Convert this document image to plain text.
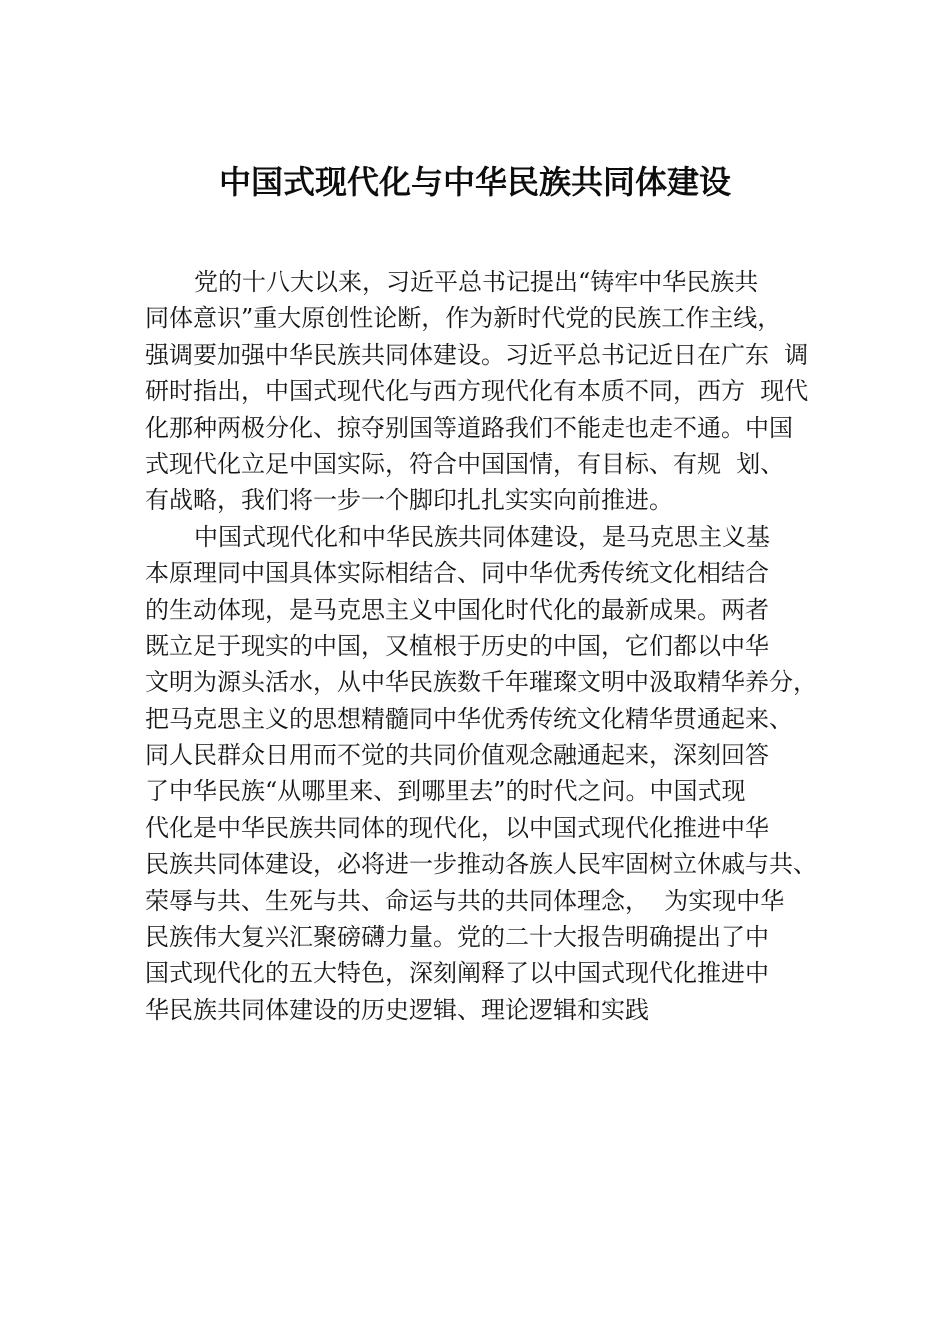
中国式现代化与中华民族共同体建设
党的十八大以来，习近平总书记提出“铸牢中华民族共
同体意识”重大原创性论断，作为新时代党的民族工作主线，
强调要加强中华民族共同体建设。习近平总书记近日在广东  调
研时指出，中国式现代化与西方现代化有本质不同，西方  现代
化那种两极分化、掠夺别国等道路我们不能走也走不通。中国
式现代化立足中国实际，符合中国国情，有目标、有规  划、
有战略，我们将一步一个脚印扎扎实实向前推进。
中国式现代化和中华民族共同体建设，是马克思主义基
本原理同中国具体实际相结合、同中华优秀传统文化相结合
的生动体现，是马克思主义中国化时代化的最新成果。两者
既立足于现实的中国，又植根于历史的中国，它们都以中华
文明为源头活水，从中华民族数千年璀璨文明中汲取精华养分，
把马克思主义的思想精髓同中华优秀传统文化精华贯通起来、
同人民群众日用而不觉的共同价值观念融通起来，深刻回答
了中华民族“从哪里来、到哪里去”的时代之问。中国式现
代化是中华民族共同体的现代化，以中国式现代化推进中华
民族共同体建设，必将进一步推动各族人民牢固树立休戚与共、
荣辱与共、生死与共、命运与共的共同体理念，  为实现中华
民族伟大复兴汇聚磅礴力量。党的二十大报告明确提出了中
国式现代化的五大特色，深刻阐释了以中国式现代化推进中
华民族共同体建设的历史逻辑、理论逻辑和实践
